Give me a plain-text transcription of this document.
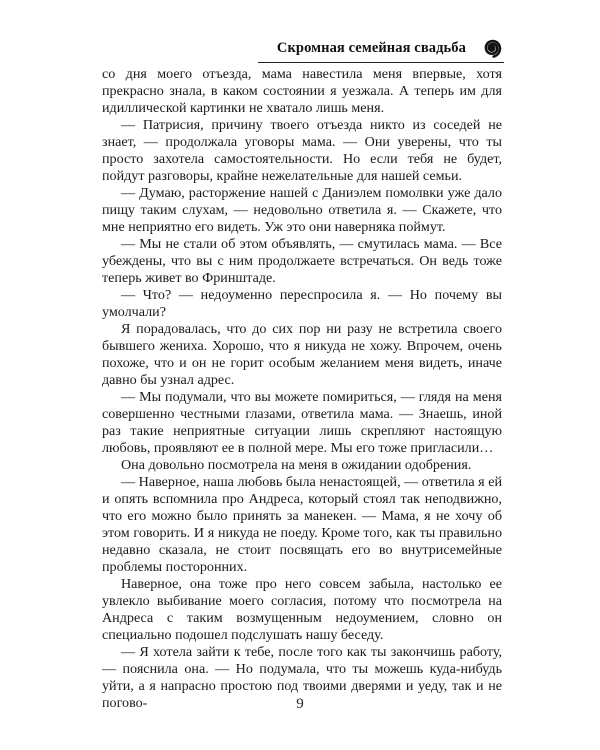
Скромная семейная свадьба

со дня моего отъезда, мама навестила меня впервые, хотя прекрасно знала, в каком состоянии я уезжала. А теперь им для идиллической картинки не хватало лишь меня.

— Патрисия, причину твоего отъезда никто из соседей не знает, — продолжала уговоры мама. — Они уверены, что ты просто захотела самостоятельности. Но если тебя не будет, пойдут разговоры, крайне нежелательные для нашей семьи.

— Думаю, расторжение нашей с Даниэлем помолвки уже дало пищу таким слухам, — недовольно ответила я. — Скажете, что мне неприятно его видеть. Уж это они наверняка поймут.

— Мы не стали об этом объявлять, — смутилась мама. — Все убеждены, что вы с ним продолжаете встречаться. Он ведь тоже теперь живет во Фринштаде.

— Что? — недоуменно переспросила я. — Но почему вы умолчали?

Я порадовалась, что до сих пор ни разу не встретила своего бывшего жениха. Хорошо, что я никуда не хожу. Впрочем, очень похоже, что и он не горит особым желанием меня видеть, иначе давно бы узнал адрес.

— Мы подумали, что вы можете помириться, — глядя на меня совершенно честными глазами, ответила мама. — Знаешь, иной раз такие неприятные ситуации лишь скрепляют настоящую любовь, проявляют ее в полной мере. Мы его тоже пригласили…

Она довольно посмотрела на меня в ожидании одобрения.

— Наверное, наша любовь была ненастоящей, — ответила я ей и опять вспомнила про Андреса, который стоял так неподвижно, что его можно было принять за манекен. — Мама, я не хочу об этом говорить. И я никуда не поеду. Кроме того, как ты правильно недавно сказала, не стоит посвящать его во внутрисемейные проблемы посторонних.

Наверное, она тоже про него совсем забыла, настолько ее увлекло выбивание моего согласия, потому что посмотрела на Андреса с таким возмущенным недоумением, словно он специально подошел подслушать нашу беседу.

— Я хотела зайти к тебе, после того как ты закончишь работу, — пояснила она. — Но подумала, что ты можешь куда-нибудь уйти, а я напрасно простою под твоими дверями и уеду, так и не погово-	9
